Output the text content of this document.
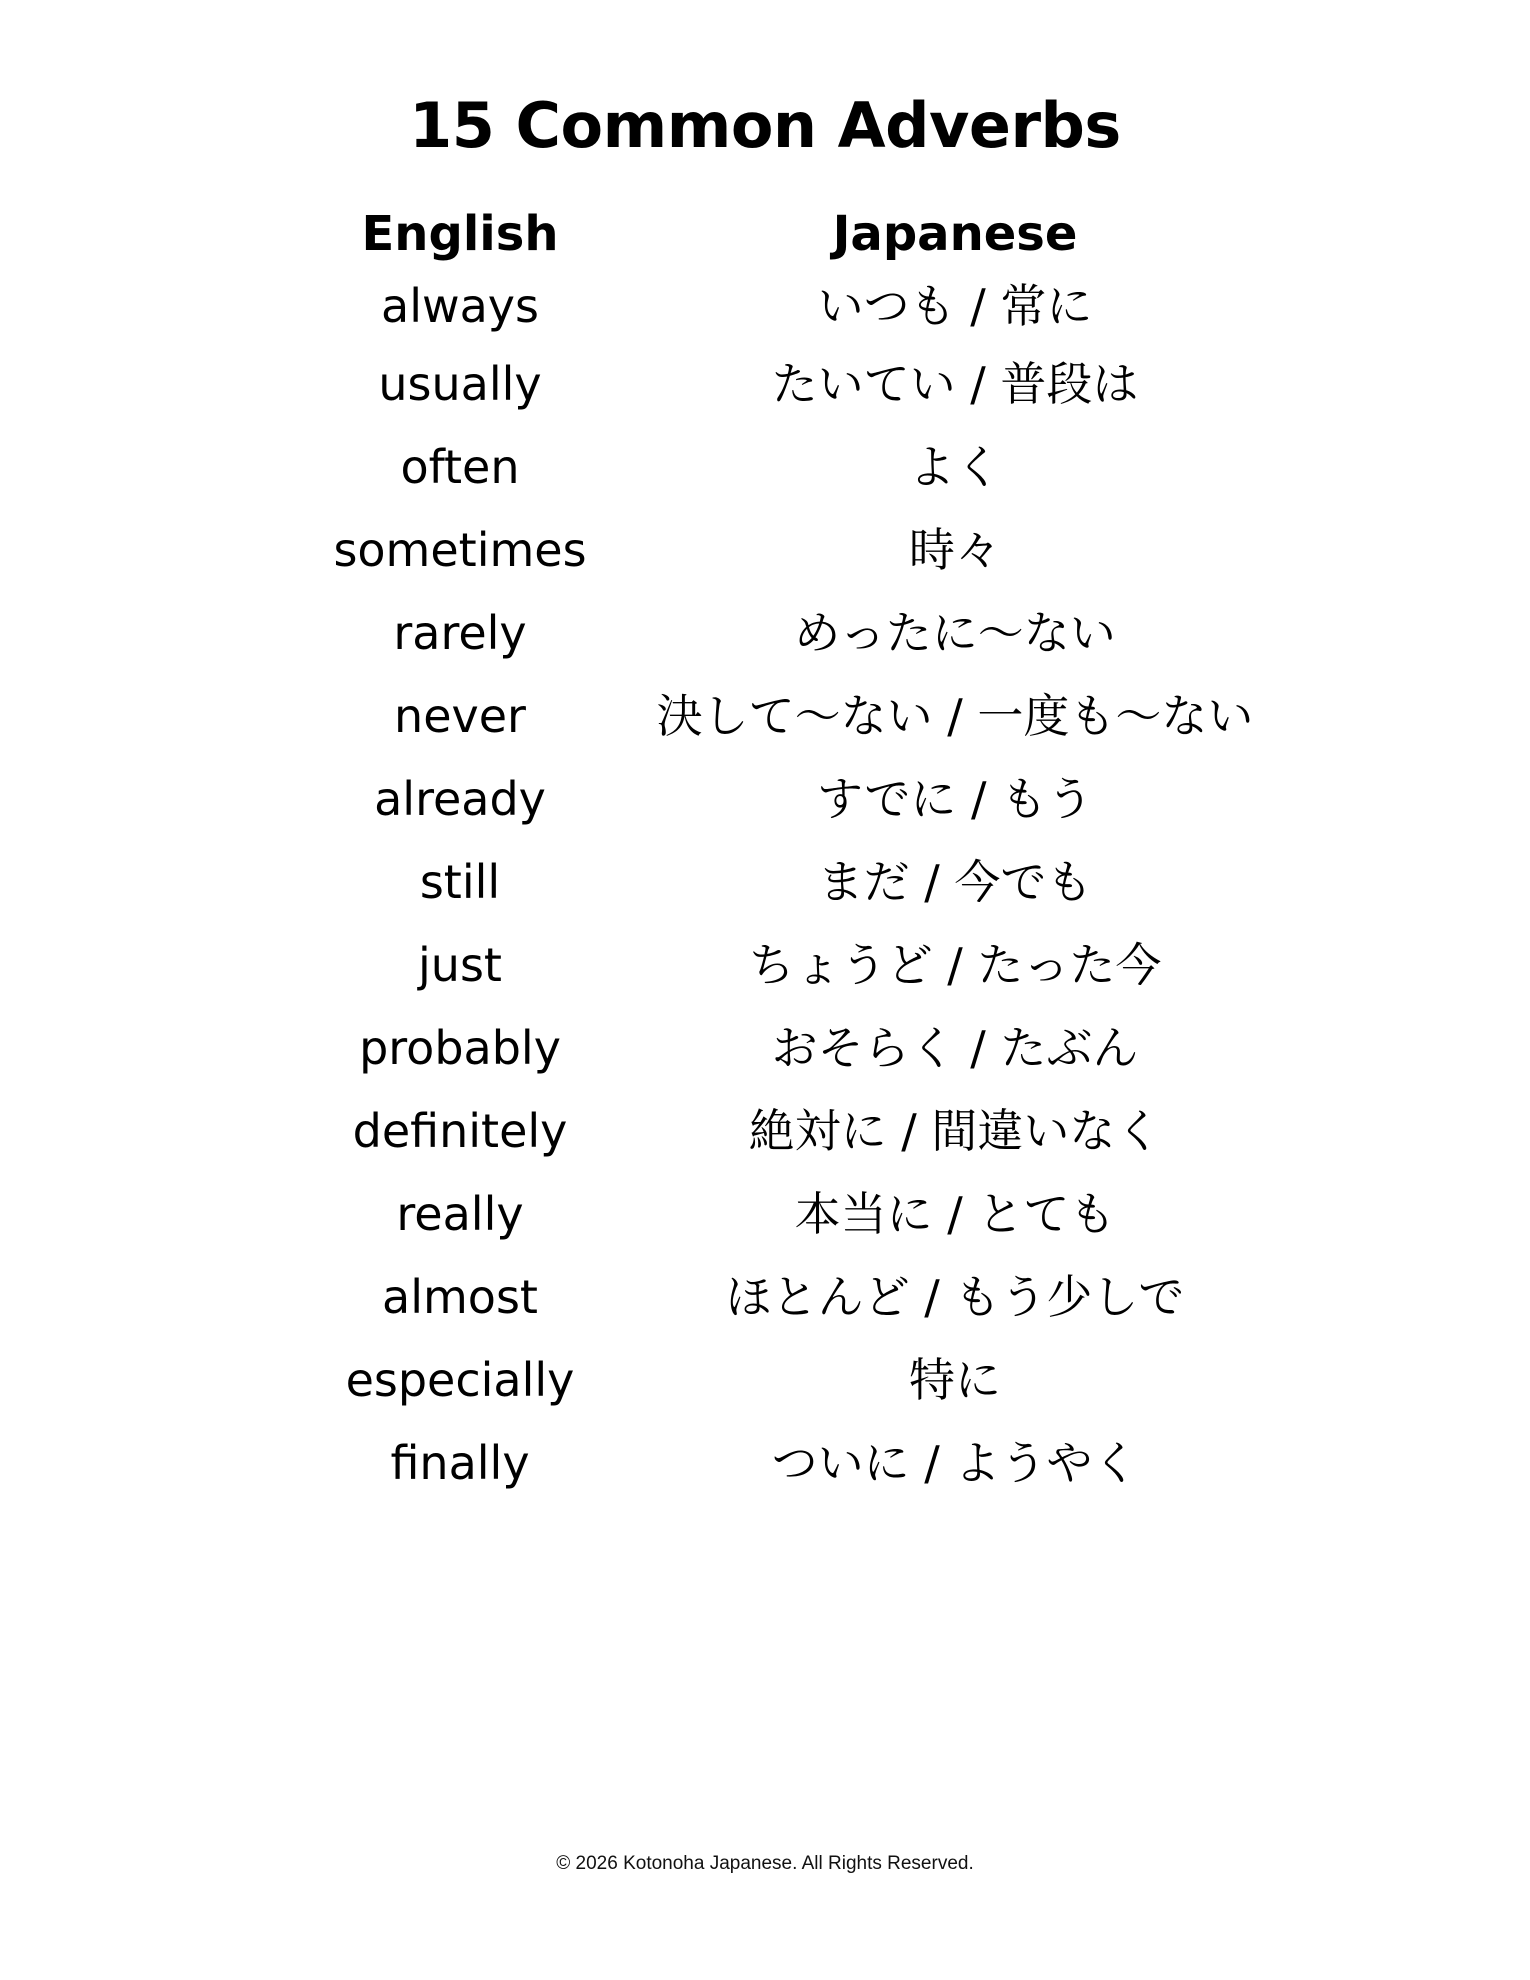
15 Common Adverbs
English	Japanese
always	いつも / 常に
usually	たいてい / 普段は
often	よく
sometimes	時々
rarely	めったに〜ない
never	決して〜ない / 一度も〜ない
already	すでに / もう
still	まだ / 今でも
just	ちょうど / たった今
probably	おそらく / たぶん
definitely	絶対に / 間違いなく
really	本当に / とても
almost	ほとんど / もう少しで
especially	特に
finally	ついに / ようやく
© 2026 Kotonoha Japanese. All Rights Reserved.
